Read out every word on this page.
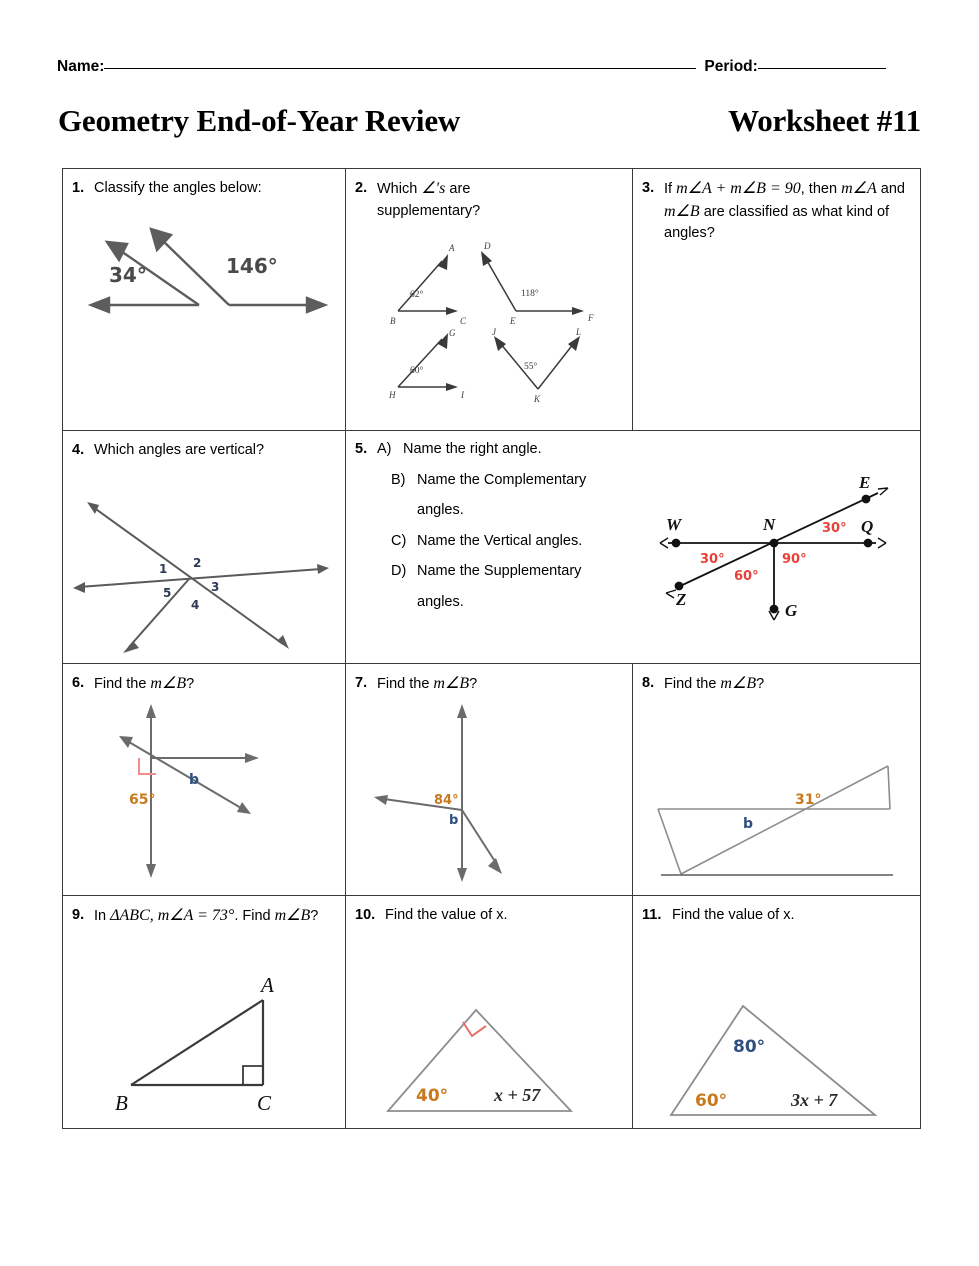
Name:	Period:
Geometry End-of-Year Review	Worksheet #11
1. Classify the angles below:
34°	146°

2. Which ∠′s are
supplementary?
B	C
A
62°
D
E	F
118°
H	I
G
60°
J
K
L
55°

3. If m∠A + m∠B = 90, then m∠A and m∠B are classified as what kind of angles?

4. Which angles are vertical?
1 2
3
4
5

5. A) Name the right angle.
B) Name the Complementary
angles.
C) Name the Vertical angles.
D) Name the Supplementary
angles.
W	N	Q
E
Z
G
30°
30°
90°
60°

6. Find the m∠B?
b
65°

7. Find the m∠B?
84°
b

8. Find the m∠B?
31°
b

9. In ΔABC, m∠A = 73°. Find m∠B?
A
B	C

10. Find the value of x.
40°	x + 57

11. Find the value of x.
80°
60°	3x + 7
